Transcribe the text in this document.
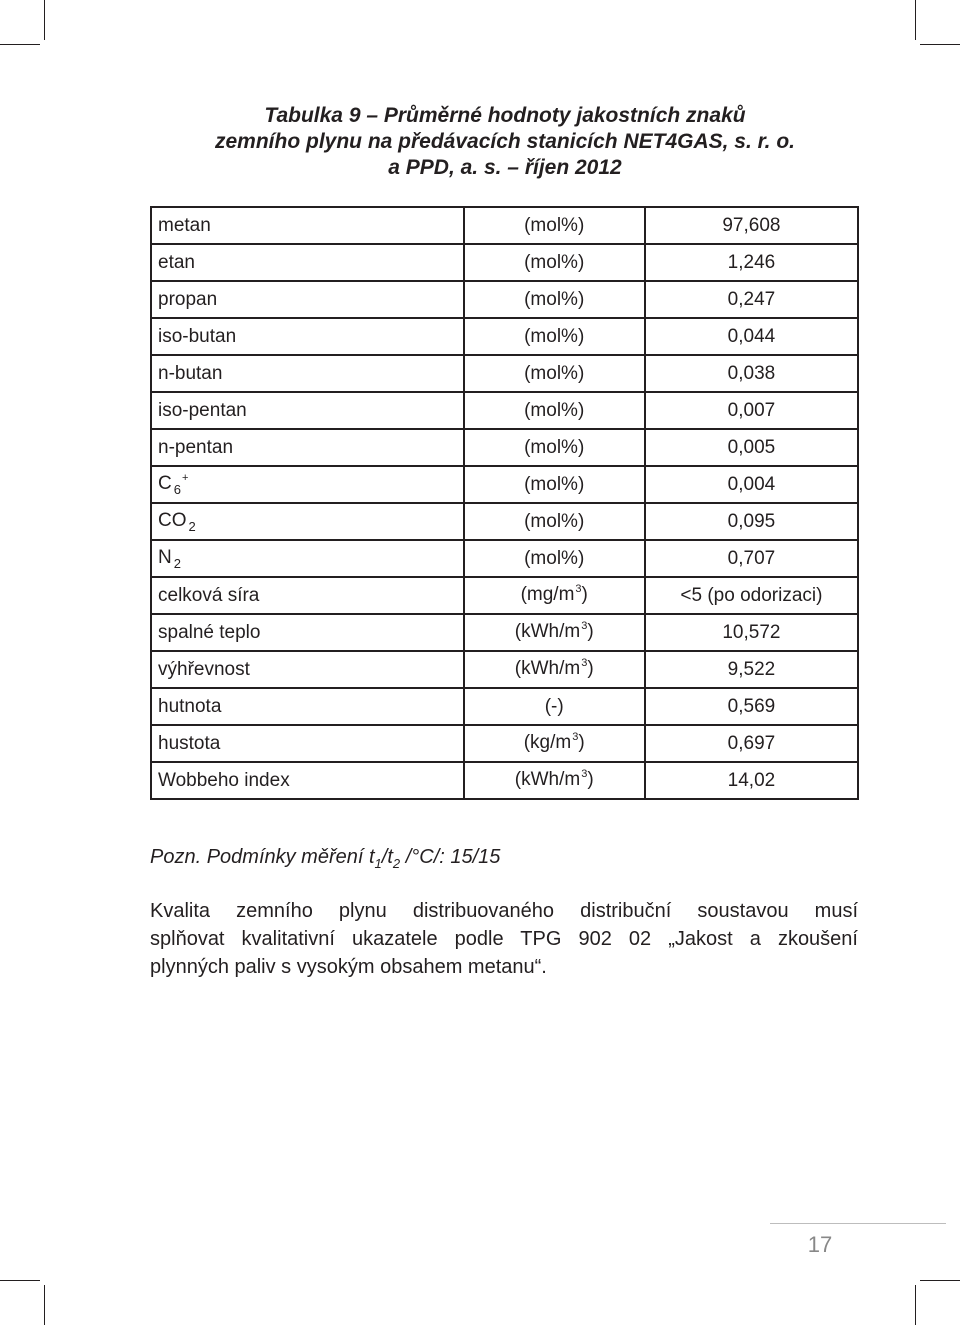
Tabulka 9 – Průměrné hodnoty jakostních znaků
zemního plynu na předávacích stanicích NET4GAS, s. r. o.
a PPD, a. s. – říjen 2012
metan	(mol%)	97,608
etan	(mol%)	1,246
propan	(mol%)	0,247
iso-butan	(mol%)	0,044
n-butan	(mol%)	0,038
iso-pentan	(mol%)	0,007
n-pentan	(mol%)	0,005
C $_6$+	(mol%)	0,004
CO $_2$	(mol%)	0,095
N $_2$	(mol%)	0,707
celková síra	$(mg/m^3)$	<5 (po odorizaci)
spalné teplo	$(kWh/m^3)$	10,572
výhřevnost	$(kWh/m^3)$	9,522
hutnota	(-)	0,569
hustota	$(kg/m^3)$	0,697
Wobbeho index	$(kWh/m^3)$	14,02

Pozn. Podmínky měření $t_1/t_2$ /°C/: 15/15

Kvalita zemního plynu distribuovaného distribuční soustavou musí
splňovat kvalitativní ukazatele podle TPG 902 02 „Jakost a zkoušení
plynných paliv s vysokým obsahem metanu“.

17
